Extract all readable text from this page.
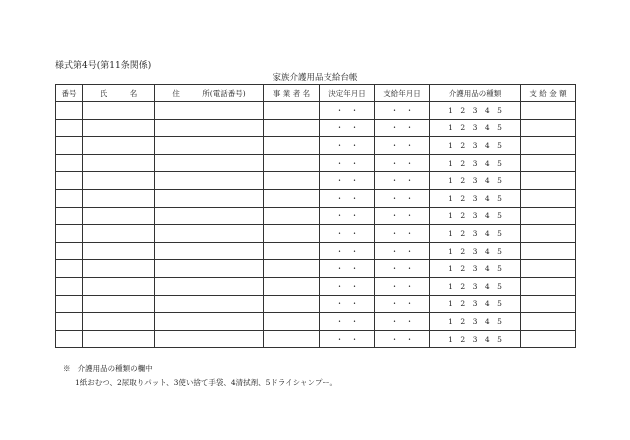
様式第4号(第11条関係)
家族介護用品支給台帳
番号	氏　　　名	住　　　所(電話番号)	事 業 者 名	決定年月日	支給年月日	介護用品の種類	支 給 金 額
				・　・	・　・	1　2　3　4　5	
				・　・	・　・	1　2　3　4　5	
				・　・	・　・	1　2　3　4　5	
				・　・	・　・	1　2　3　4　5	
				・　・	・　・	1　2　3　4　5	
				・　・	・　・	1　2　3　4　5	
				・　・	・　・	1　2　3　4　5	
				・　・	・　・	1　2　3　4　5	
				・　・	・　・	1　2　3　4　5	
				・　・	・　・	1　2　3　4　5	
				・　・	・　・	1　2　3　4　5	
				・　・	・　・	1　2　3　4　5	
				・　・	・　・	1　2　3　4　5	
				・　・	・　・	1　2　3　4　5	
※ 介護用品の種類の欄中
1紙おむつ、2尿取りパット、3使い捨て手袋、4清拭剤、5ドライシャンプー。
